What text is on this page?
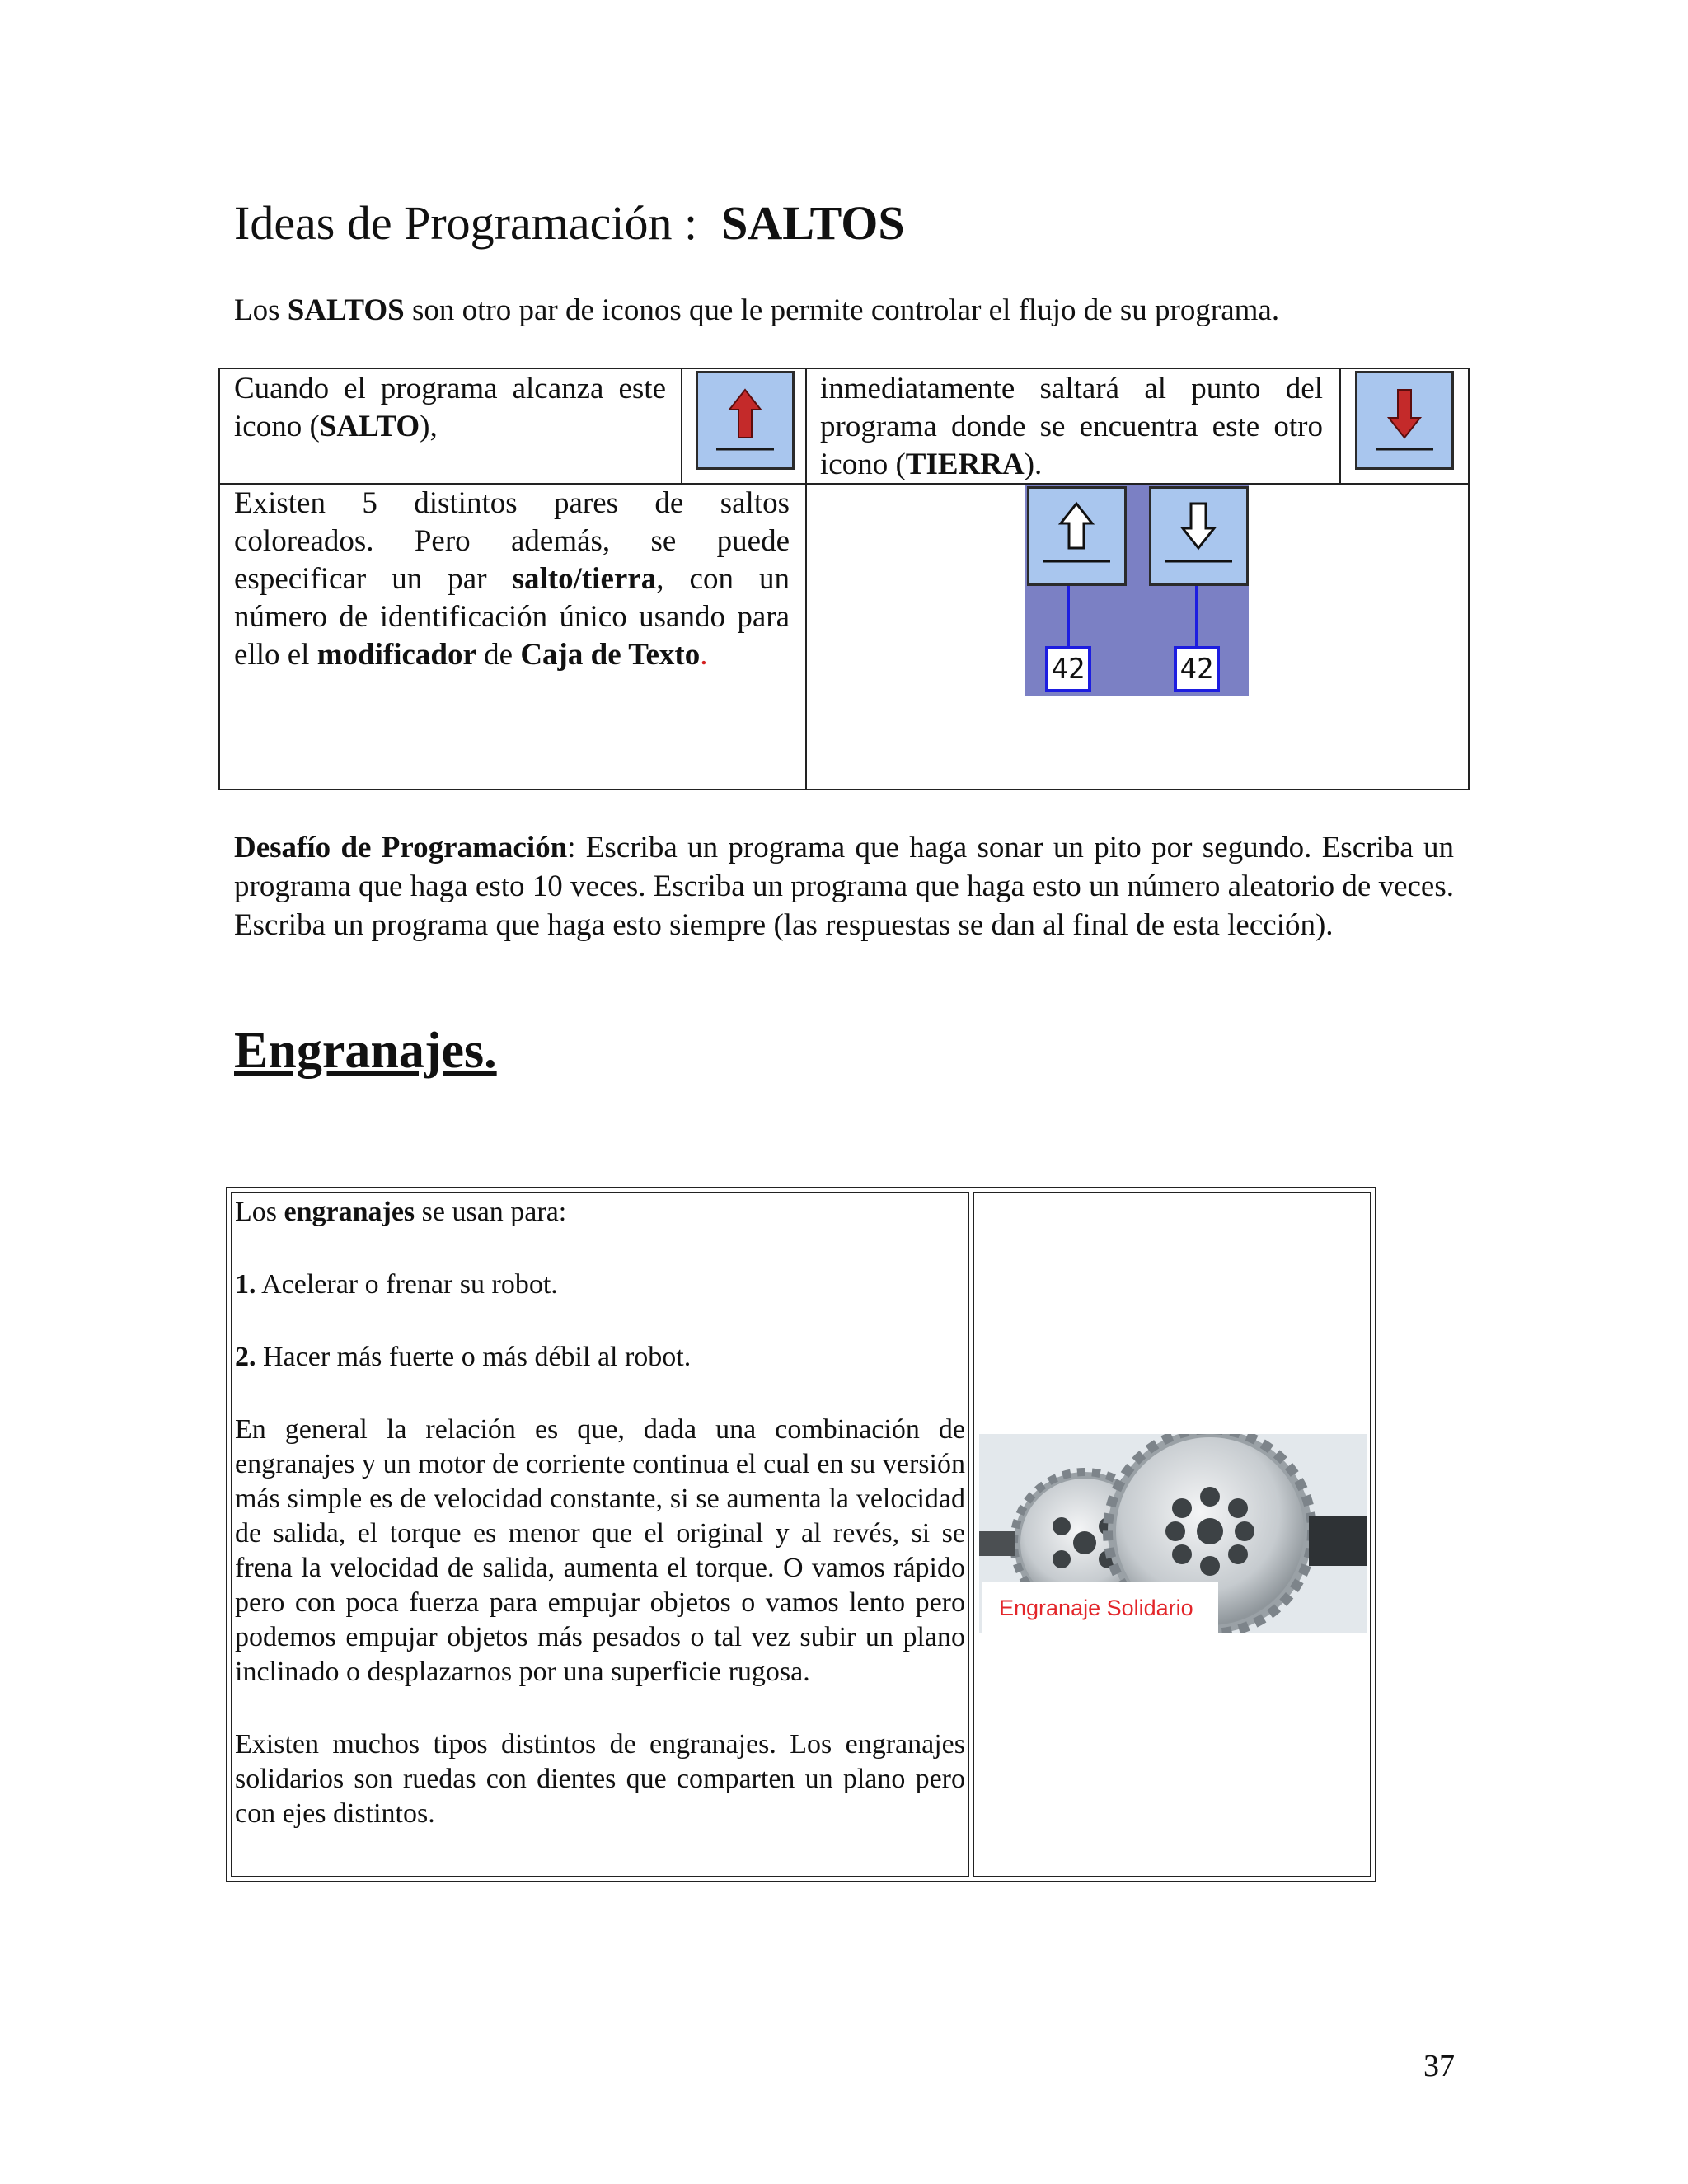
Ideas de Programación : SALTOS
Los SALTOS son otro par de iconos que le permite controlar el flujo de su programa.
Cuando el programa alcanza este icono (SALTO),
inmediatamente saltará al punto del programa donde se encuentra este otro icono (TIERRA).
Existen 5 distintos pares de saltos coloreados. Pero además, se puede especificar un par salto/tierra, con un número de identificación único usando para ello el modificador de Caja de Texto.	42	42
Desafío de Programación: Escriba un programa que haga sonar un pito por segundo. Escriba un programa que haga esto 10 veces. Escriba un programa que haga esto un número aleatorio de veces. Escriba un programa que haga esto siempre (las respuestas se dan al final de esta lección).
Engranajes.

Los engranajes se usan para:

1. Acelerar o frenar su robot.

2. Hacer más fuerte o más débil al robot.

En general la relación es que, dada una combinación de engranajes y un motor de corriente continua el cual en su versión más simple es de velocidad constante, si se aumenta la velocidad de salida, el torque es menor que el original y al revés, si se frena la velocidad de salida, aumenta el torque. O vamos rápido pero con poca fuerza para empujar objetos o vamos lento pero podemos empujar objetos más pesados o tal vez subir un plano inclinado o desplazarnos por una superficie rugosa.

Existen muchos tipos distintos de engranajes. Los engranajes solidarios son ruedas con dientes que comparten un plano pero con ejes distintos.

Engranaje Solidario
37
